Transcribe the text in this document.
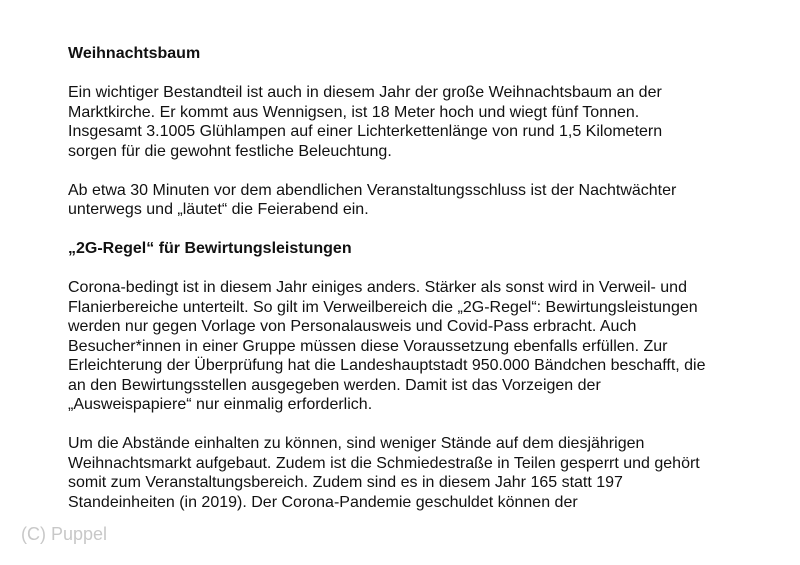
Weihnachtsbaum

Ein wichtiger Bestandteil ist auch in diesem Jahr der große Weihnachtsbaum an der
Marktkirche. Er kommt aus Wennigsen, ist 18 Meter hoch und wiegt fünf Tonnen.
Insgesamt 3.1005 Glühlampen auf einer Lichterkettenlänge von rund 1,5 Kilometern
sorgen für die gewohnt festliche Beleuchtung.

Ab etwa 30 Minuten vor dem abendlichen Veranstaltungsschluss ist der Nachtwächter
unterwegs und „läutet“ die Feierabend ein.

„2G-Regel“ für Bewirtungsleistungen

Corona-bedingt ist in diesem Jahr einiges anders. Stärker als sonst wird in Verweil- und
Flanierbereiche unterteilt. So gilt im Verweilbereich die „2G-Regel“: Bewirtungsleistungen
werden nur gegen Vorlage von Personalausweis und Covid-Pass erbracht. Auch
Besucher*innen in einer Gruppe müssen diese Voraussetzung ebenfalls erfüllen. Zur
Erleichterung der Überprüfung hat die Landeshauptstadt 950.000 Bändchen beschafft, die
an den Bewirtungsstellen ausgegeben werden. Damit ist das Vorzeigen der
„Ausweispapiere“ nur einmalig erforderlich.

Um die Abstände einhalten zu können, sind weniger Stände auf dem diesjährigen
Weihnachtsmarkt aufgebaut. Zudem ist die Schmiedestraße in Teilen gesperrt und gehört
somit zum Veranstaltungsbereich. Zudem sind es in diesem Jahr 165 statt 197
Standeinheiten (in 2019). Der Corona-Pandemie geschuldet können der

(C) Puppel
